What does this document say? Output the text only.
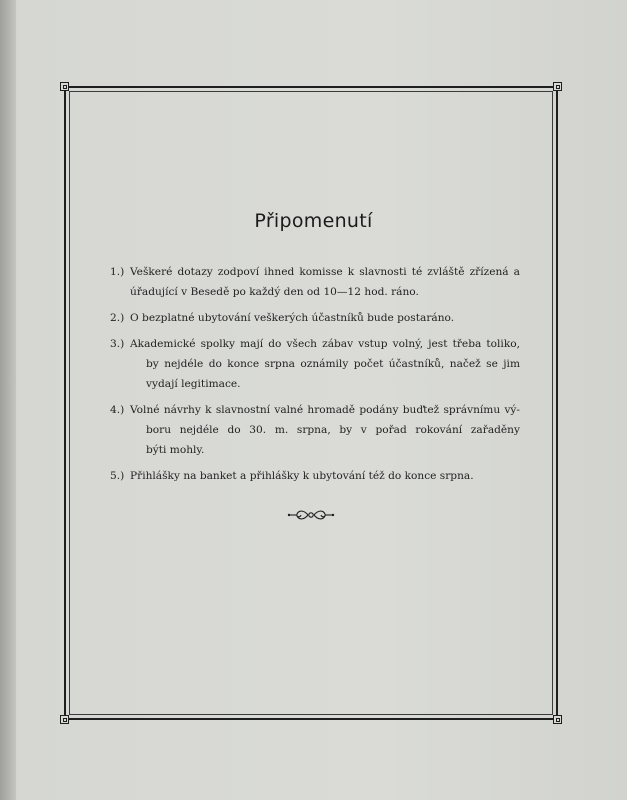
Připomenutí
1.) Veškeré dotazy zodpoví ihned komisse k slavnosti té zvláště zřízená a
úřadující v Besedě po každý den od 10—12 hod. ráno.
2.) O bezplatné ubytování veškerých účastníků bude postaráno.
3.) Akademické spolky mají do všech zábav vstup volný, jest třeba toliko,
by nejdéle do konce srpna oznámily počet účastníků, načež se jim
vydají legitimace.
4.) Volné návrhy k slavnostní valné hromadě podány buďtež správnímu vý-
boru nejdéle do 30. m. srpna, by v pořad rokování zařaděny
býti mohly.
5.) Přihlášky na banket a přihlášky k ubytování též do konce srpna.
